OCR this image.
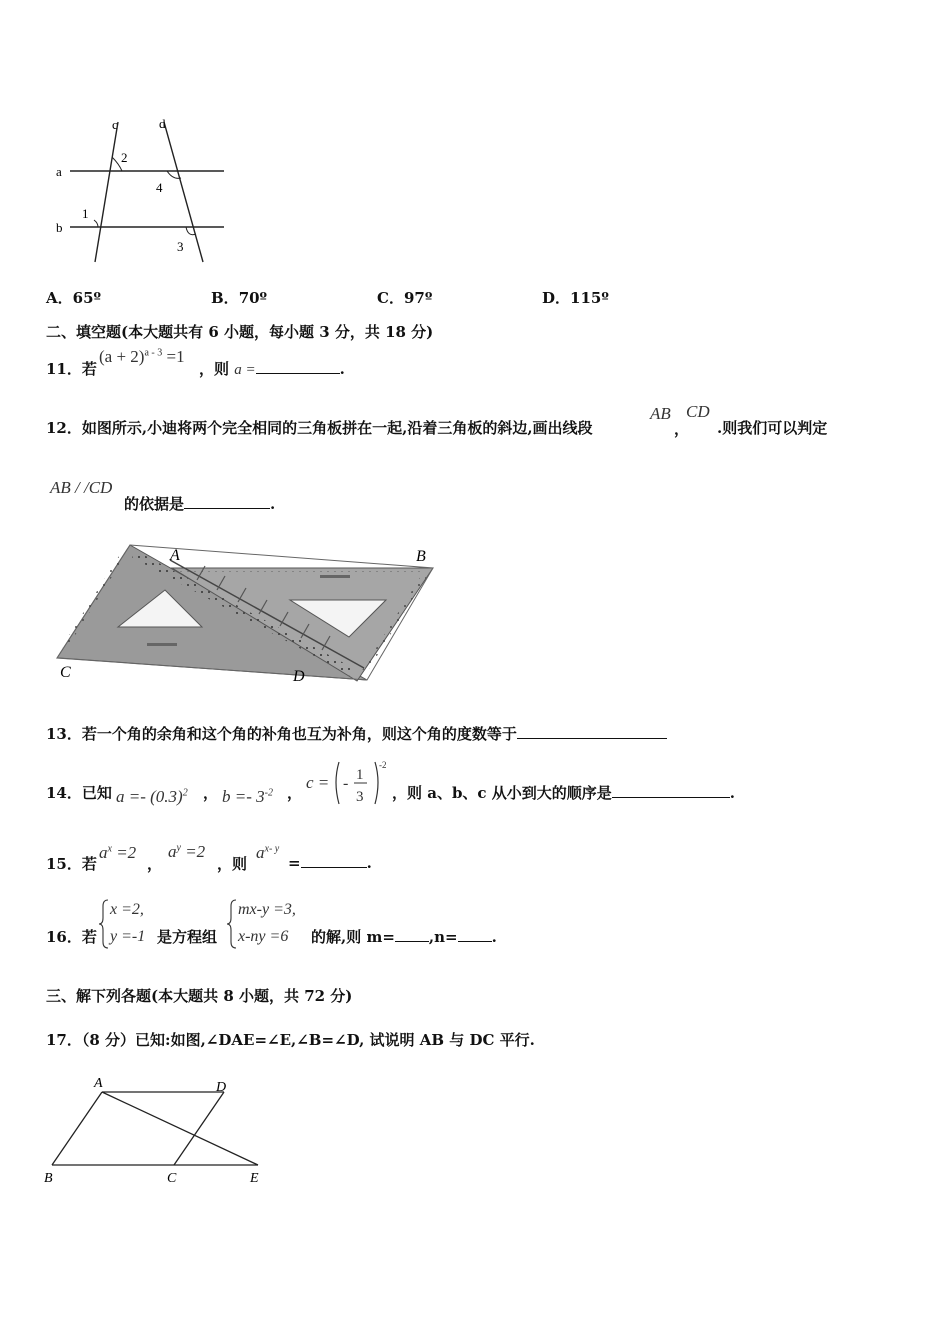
c	d
a
b
2
4
1
3
A．65º	B．70º	C．97º	D．115º
二、填空题(本大题共有 6 小题，每小题 3 分，共 18 分)
11．若
$(a + 2)^{a - 3} =1$
，则 a =	.
12．如图所示,小迪将两个完全相同的三角板拼在一起,沿着三角板的斜边,画出线段
AB
，
CD
.则我们可以判定
AB / /CD
的依据是	.
A	B
C	D
13．若一个角的余角和这个角的补角也互为补角，则这个角的度数等于
14．已知 $a =- (0.3)^2$ ， $b =- 3^{-2}$ ，
c = - 1
3
-2
，则 a、b、c 从小到大的顺序是	.
15．若
$a^x =2$
，
$a^y =2$
，则
$a^{x- y}$
=	.
16．若
x =2,
y =-1 是方程组
mx-y =3,
x-ny =6 的解,则 m= ,n= .
三、解下列各题(本大题共 8 小题，共 72 分)
17．（8 分）已知:如图,∠DAE=∠E,∠B=∠D, 试说明 AB 与 DC 平行.
A	D
B	C	E
